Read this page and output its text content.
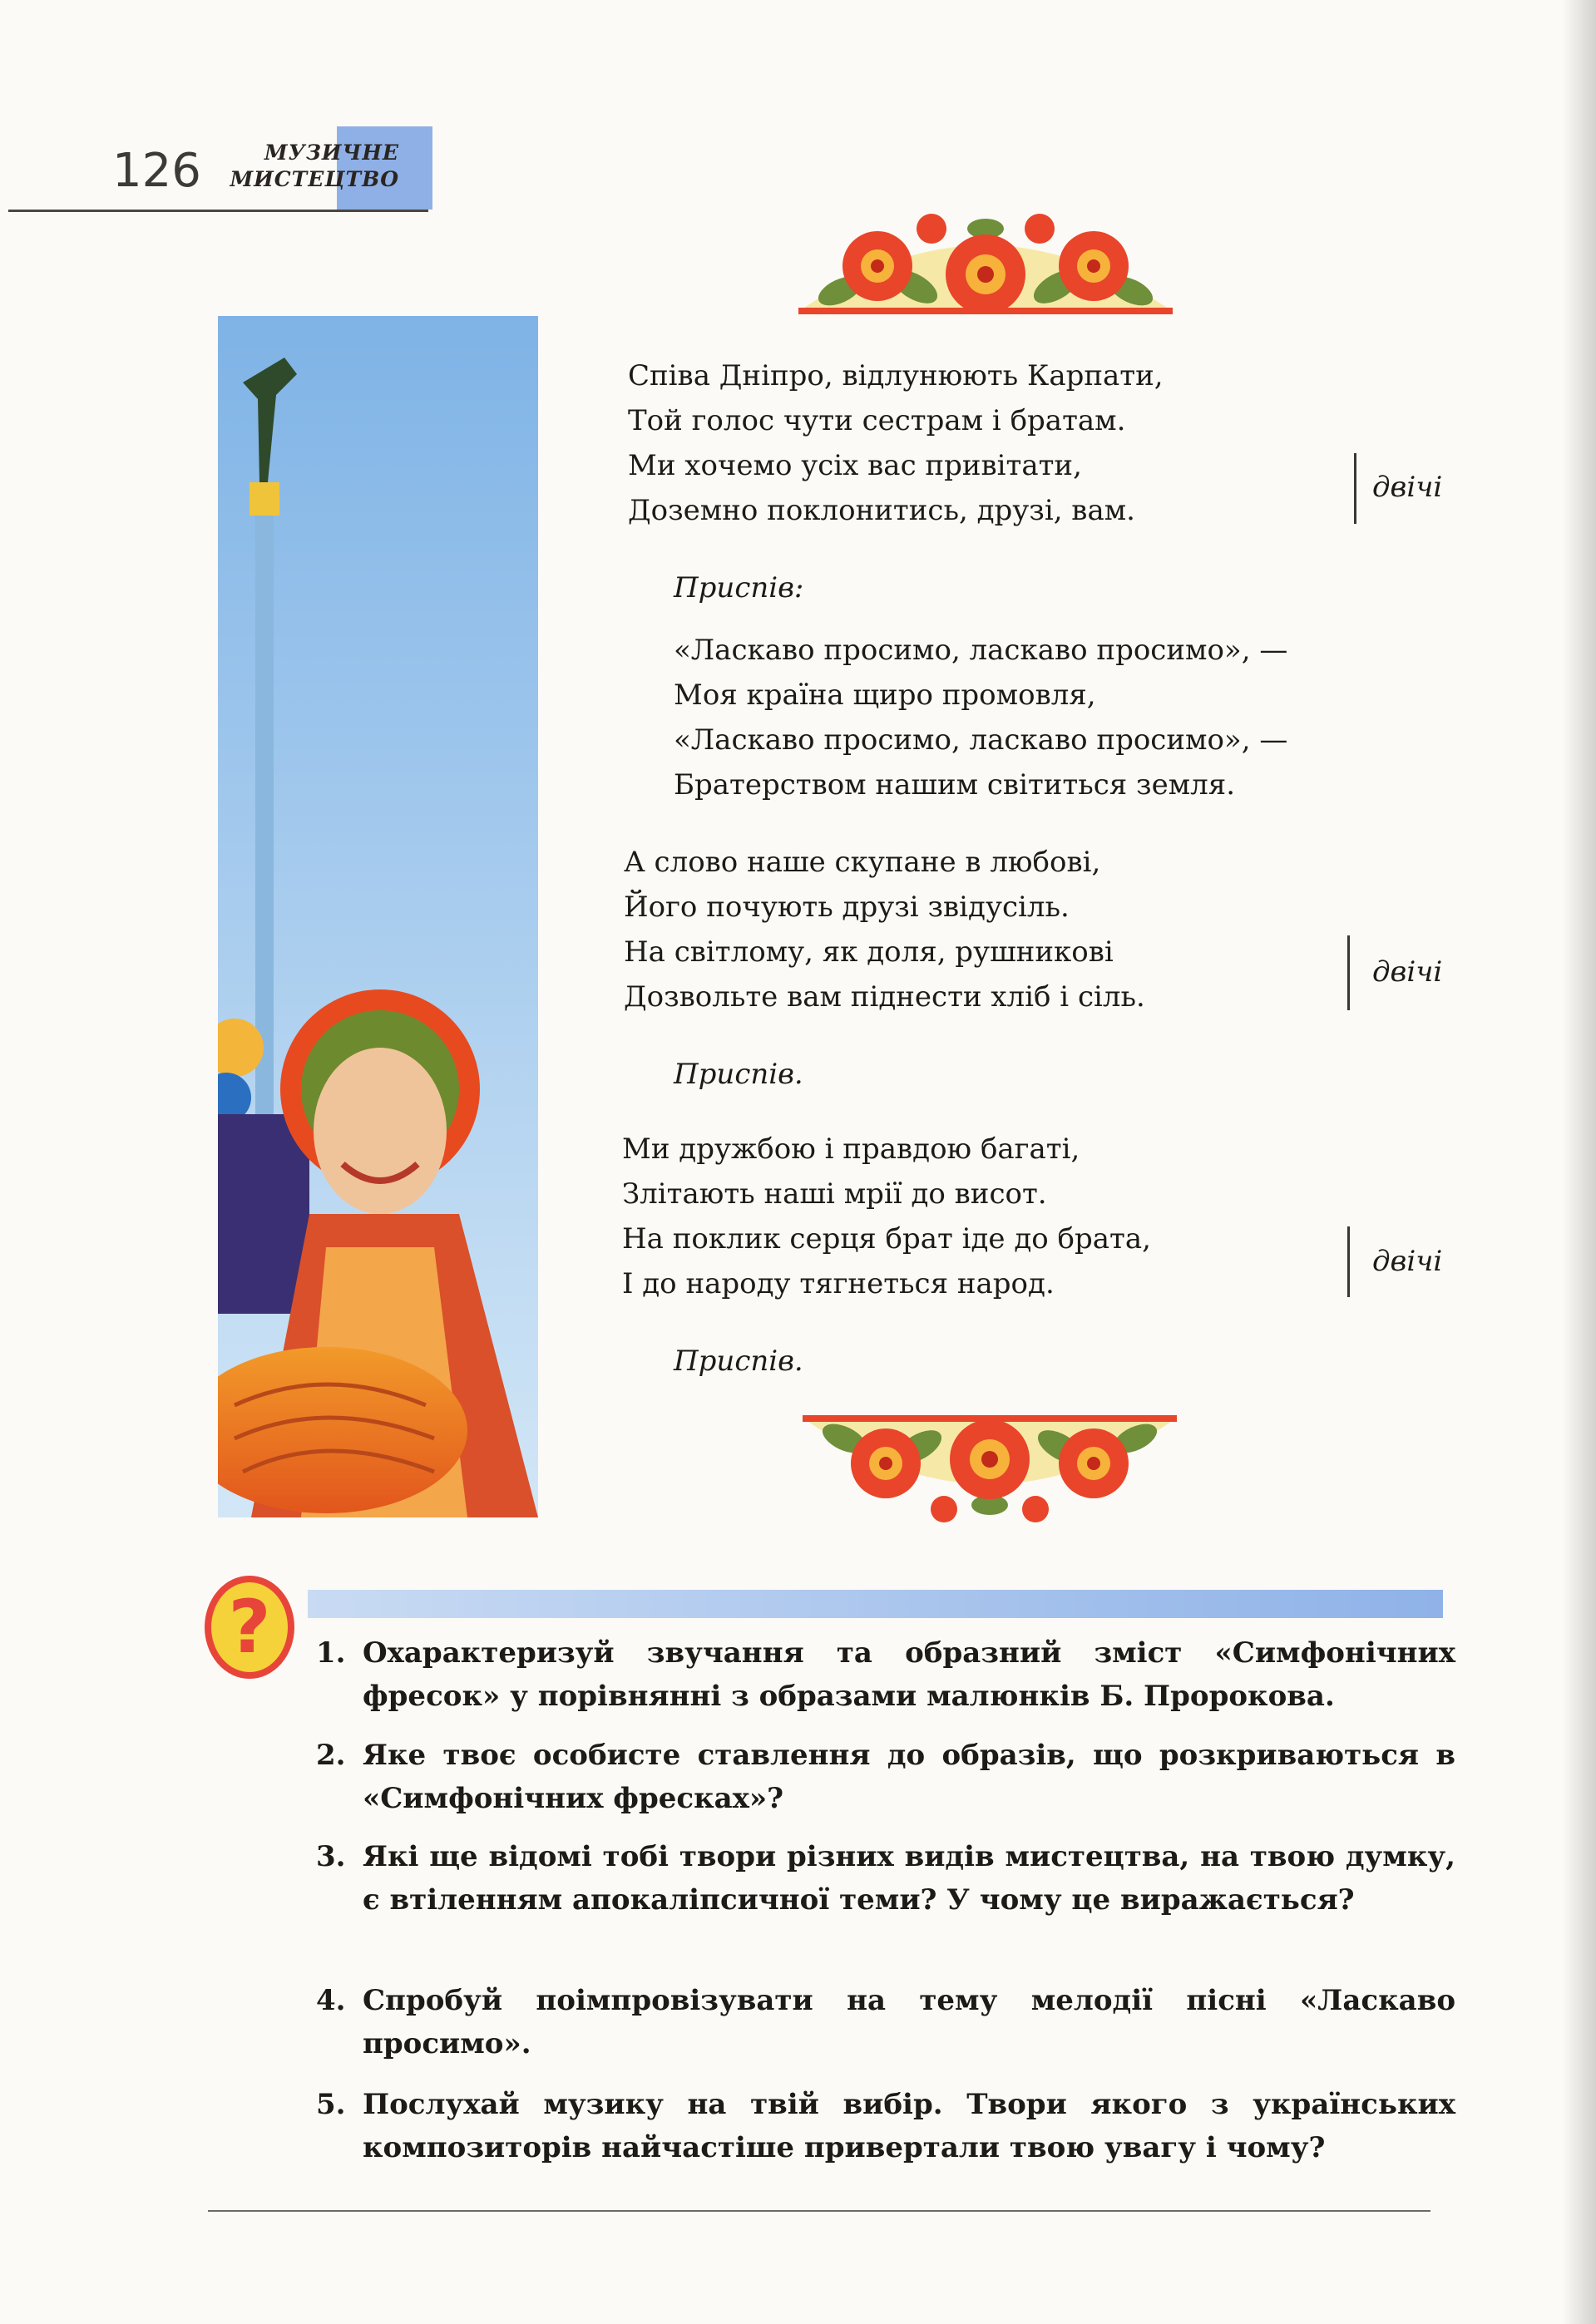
126	МУЗИЧНЕ
МИСТЕЦТВО
Співа Дніпро, відлунюють Карпати,
Той голос чути сестрам і братам.
Ми хочемо усіх вас привітати,
Доземно поклонитись, друзі, вам.
двічі
Приспів:
«Ласкаво просимо, ласкаво просимо», —
Моя країна щиро промовля,
«Ласкаво просимо, ласкаво просимо», —
Братерством нашим світиться земля.
А слово наше скупане в любові,
Його почують друзі звідусіль.
На світлому, як доля, рушникові
Дозвольте вам піднести хліб і сіль.
двічі
Приспів.
Ми дружбою і правдою багаті,
Злітають наші мрії до висот.
На поклик серця брат іде до брата,
І до народу тягнеться народ.
двічі
Приспів.
? 1. Охарактеризуй звучання та образний зміст «Симфонічних фресок» у порівнянні з образами малюнків Б. Пророкова.
2. Яке твоє особисте ставлення до образів, що розкриваються в «Симфонічних фресках»?
3. Які ще відомі тобі твори різних видів мистецтва, на твою думку, є втіленням апокаліпсичної теми? У чому це виражається?
4. Спробуй поімпровізувати на тему мелодії пісні «Ласкаво просимо».
5. Послухай музику на твій вибір. Твори якого з українських композиторів найчастіше привертали твою увагу і чому?
